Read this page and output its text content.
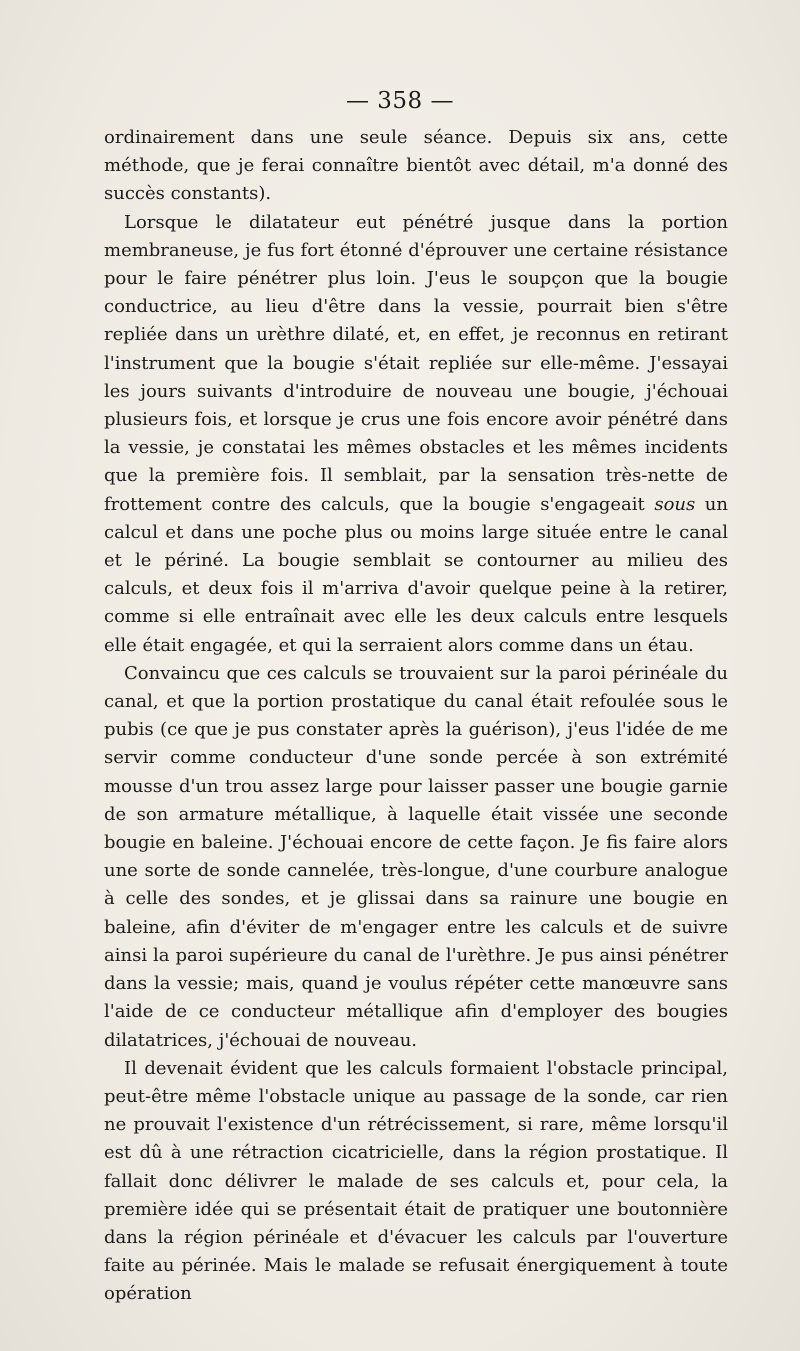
— 358 —

ordinairement dans une seule séance. Depuis six ans, cette méthode, que je ferai connaître bientôt avec détail, m'a donné des succès constants).

Lorsque le dilatateur eut pénétré jusque dans la portion membraneuse, je fus fort étonné d'éprouver une certaine résistance pour le faire pénétrer plus loin. J'eus le soupçon que la bougie conductrice, au lieu d'être dans la vessie, pourrait bien s'être repliée dans un urèthre dilaté, et, en effet, je reconnus en retirant l'instrument que la bougie s'était repliée sur elle-même. J'essayai les jours suivants d'introduire de nouveau une bougie, j'échouai plusieurs fois, et lorsque je crus une fois encore avoir pénétré dans la vessie, je constatai les mêmes obstacles et les mêmes incidents que la première fois. Il semblait, par la sensation très-nette de frottement contre des calculs, que la bougie s'engageait sous un calcul et dans une poche plus ou moins large située entre le canal et le périné. La bougie semblait se contourner au milieu des calculs, et deux fois il m'arriva d'avoir quelque peine à la retirer, comme si elle entraînait avec elle les deux calculs entre lesquels elle était engagée, et qui la serraient alors comme dans un étau.

Convaincu que ces calculs se trouvaient sur la paroi périnéale du canal, et que la portion prostatique du canal était refoulée sous le pubis (ce que je pus constater après la guérison), j'eus l'idée de me servir comme conducteur d'une sonde percée à son extrémité mousse d'un trou assez large pour laisser passer une bougie garnie de son armature métallique, à laquelle était vissée une seconde bougie en baleine. J'échouai encore de cette façon. Je fis faire alors une sorte de sonde cannelée, très-longue, d'une courbure analogue à celle des sondes, et je glissai dans sa rainure une bougie en baleine, afin d'éviter de m'engager entre les calculs et de suivre ainsi la paroi supérieure du canal de l'urèthre. Je pus ainsi pénétrer dans la vessie; mais, quand je voulus répéter cette manœuvre sans l'aide de ce conducteur métallique afin d'employer des bougies dilatatrices, j'échouai de nouveau.

Il devenait évident que les calculs formaient l'obstacle principal, peut-être même l'obstacle unique au passage de la sonde, car rien ne prouvait l'existence d'un rétrécissement, si rare, même lorsqu'il est dû à une rétraction cicatricielle, dans la région prostatique. Il fallait donc délivrer le malade de ses calculs et, pour cela, la première idée qui se présentait était de pratiquer une boutonnière dans la région périnéale et d'évacuer les calculs par l'ouverture faite au périnée. Mais le malade se refusait énergiquement à toute opération
